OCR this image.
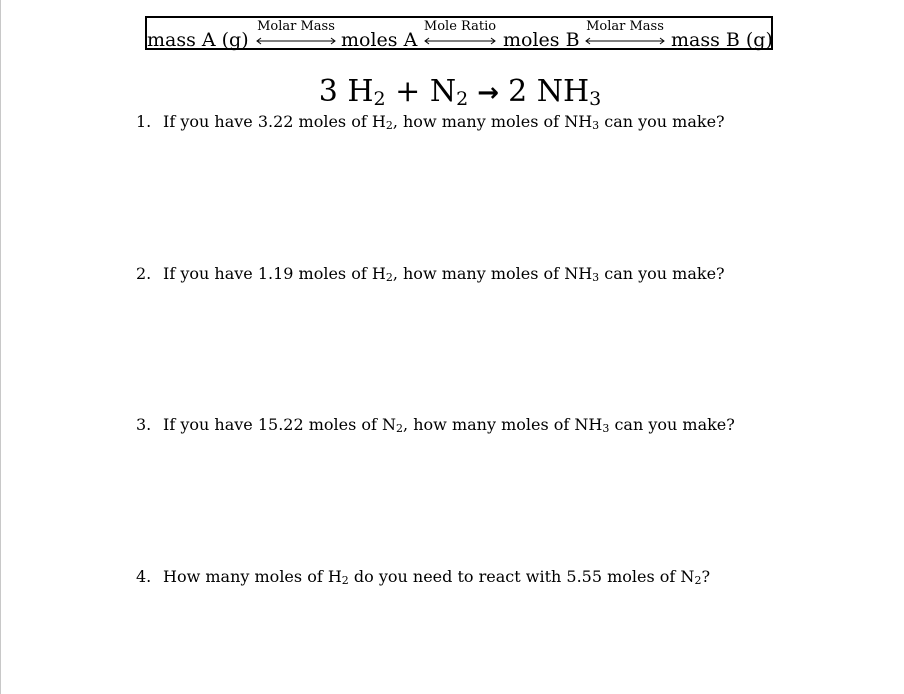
mass A (g)
Molar Mass
moles A
Mole Ratio
moles B
Molar Mass
mass B (g)
3 $H_2 + N_2 \to 2$ $NH_3$
1. If you have 3.22 moles of $H_2$, how many moles of $NH_3$ can you make?
2. If you have 1.19 moles of $H_2$, how many moles of $NH_3$ can you make?
3. If you have 15.22 moles of $N_2$, how many moles of $NH_3$ can you make?
4. How many moles of $H_2$ do you need to react with 5.55 moles of $N_2$?
